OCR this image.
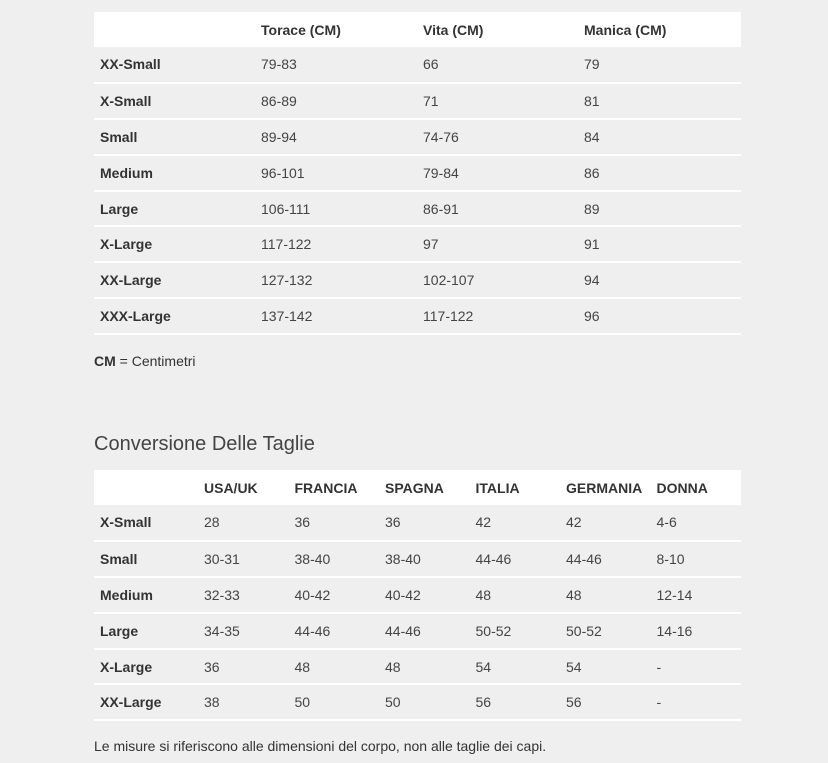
	Torace (CM)	Vita (CM)	Manica (CM)
XX-Small	79-83	66	79
X-Small	86-89	71	81
Small	89-94	74-76	84
Medium	96-101	79-84	86
Large	106-111	86-91	89
X-Large	117-122	97	91
XX-Large	127-132	102-107	94
XXX-Large	137-142	117-122	96
CM = Centimetri
Conversione Delle Taglie
	USA/UK	FRANCIA	SPAGNA	ITALIA	GERMANIA	DONNA
X-Small	28	36	36	42	42	4-6
Small	30-31	38-40	38-40	44-46	44-46	8-10
Medium	32-33	40-42	40-42	48	48	12-14
Large	34-35	44-46	44-46	50-52	50-52	14-16
X-Large	36	48	48	54	54	-
XX-Large	38	50	50	56	56	-
Le misure si riferiscono alle dimensioni del corpo, non alle taglie dei capi.
